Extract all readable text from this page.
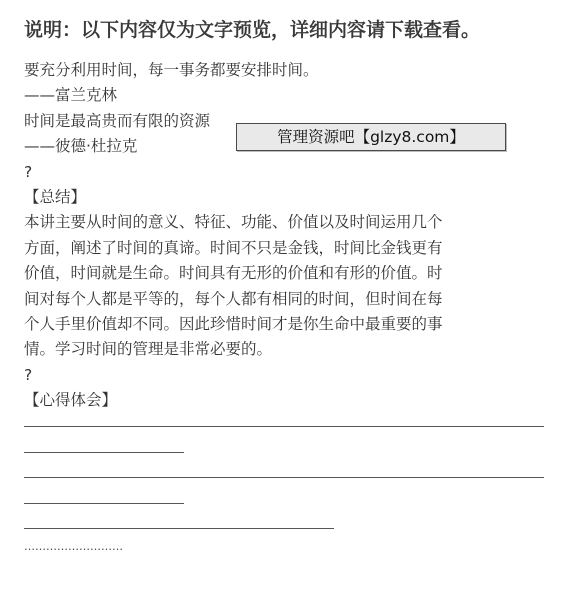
说明：以下内容仅为文字预览，详细内容请下载查看。
要充分利用时间，每一事务都要安排时间。
——富兰克林
时间是最高贵而有限的资源
——彼德·杜拉克
?
【总结】
本讲主要从时间的意义、特征、功能、价值以及时间运用几个
方面，阐述了时间的真谛。时间不只是金钱，时间比金钱更有
价值，时间就是生命。时间具有无形的价值和有形的价值。时
间对每个人都是平等的，每个人都有相同的时间，但时间在每
个人手里价值却不同。因此珍惜时间才是你生命中最重要的事
情。学习时间的管理是非常必要的。
?
【心得体会】
………………………
管理资源吧【glzy8.com】
